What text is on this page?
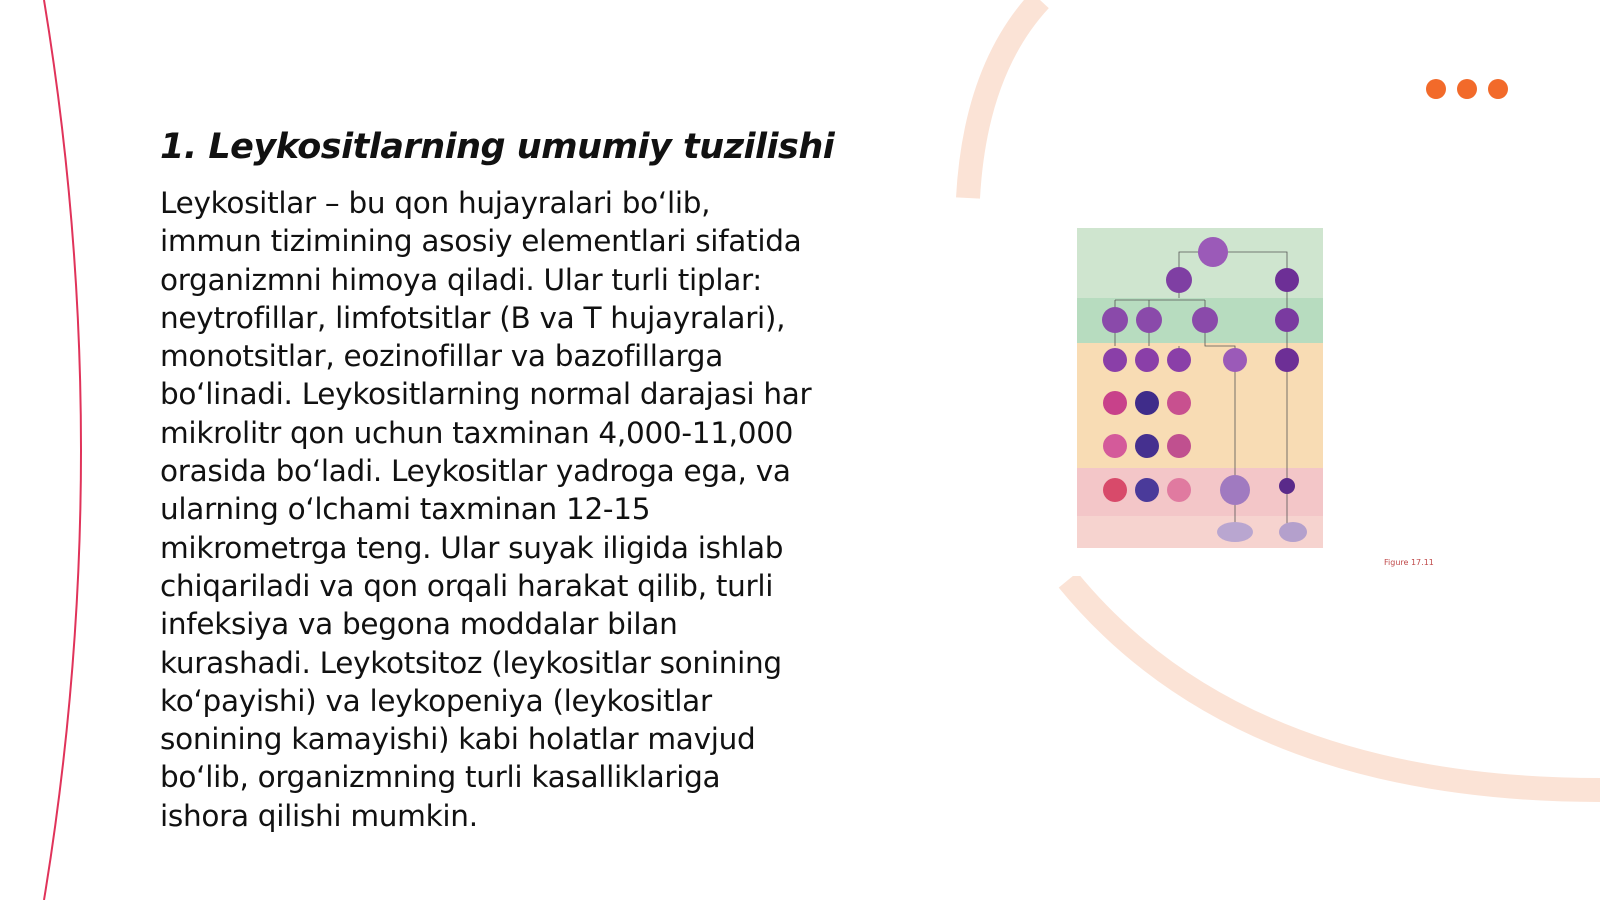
1. Leykositlarning umumiy tuzilishi

Leykositlar – bu qon hujayralari bo‘lib,
immun tizimining asosiy elementlari sifatida
organizmni himoya qiladi. Ular turli tiplar:
neytrofillar, limfotsitlar (B va T hujayralari),
monotsitlar, eozinofillar va bazofillarga
bo‘linadi. Leykositlarning normal darajasi har
mikrolitr qon uchun taxminan 4,000-11,000
orasida bo‘ladi. Leykositlar yadroga ega, va
ularning o‘lchami taxminan 12-15
mikrometrga teng. Ular suyak iligida ishlab
chiqariladi va qon orqali harakat qilib, turli
infeksiya va begona moddalar bilan
kurashadi. Leykotsitoz (leykositlar sonining
ko‘payishi) va leykopeniya (leykositlar
sonining kamayishi) kabi holatlar mavjud
bo‘lib, organizmning turli kasalliklariga
ishora qilishi mumkin.

Figure 17.11
